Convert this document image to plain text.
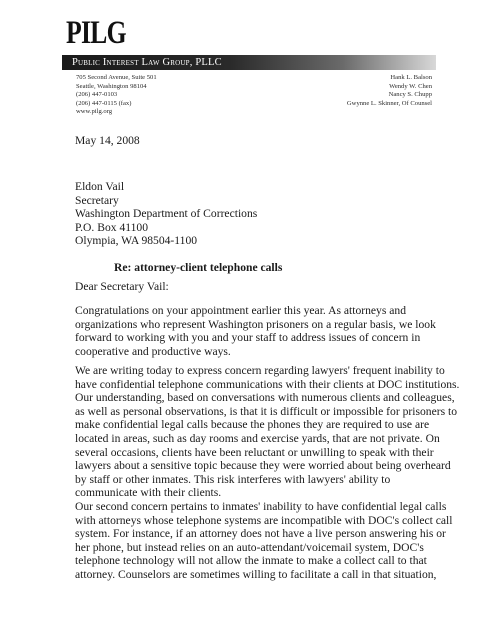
PILG
Public Interest Law Group, PLLC
705 Second Avenue, Suite 501
Seattle, Washington 98104
(206) 447-0103
(206) 447-0115 (fax)
www.pilg.org
Hank L. Balson
Wendy W. Chen
Nancy S. Chupp
Gwynne L. Skinner, Of Counsel
May 14, 2008
Eldon Vail
Secretary
Washington Department of Corrections
P.O. Box 41100
Olympia, WA 98504-1100
Re: attorney-client telephone calls
Dear Secretary Vail:
Congratulations on your appointment earlier this year. As attorneys and
organizations who represent Washington prisoners on a regular basis, we look
forward to working with you and your staff to address issues of concern in
cooperative and productive ways.
We are writing today to express concern regarding lawyers' frequent inability to
have confidential telephone communications with their clients at DOC institutions.
Our understanding, based on conversations with numerous clients and colleagues,
as well as personal observations, is that it is difficult or impossible for prisoners to
make confidential legal calls because the phones they are required to use are
located in areas, such as day rooms and exercise yards, that are not private. On
several occasions, clients have been reluctant or unwilling to speak with their
lawyers about a sensitive topic because they were worried about being overheard
by staff or other inmates. This risk interferes with lawyers' ability to
communicate with their clients.
Our second concern pertains to inmates' inability to have confidential legal calls
with attorneys whose telephone systems are incompatible with DOC's collect call
system. For instance, if an attorney does not have a live person answering his or
her phone, but instead relies on an auto-attendant/voicemail system, DOC's
telephone technology will not allow the inmate to make a collect call to that
attorney. Counselors are sometimes willing to facilitate a call in that situation,
